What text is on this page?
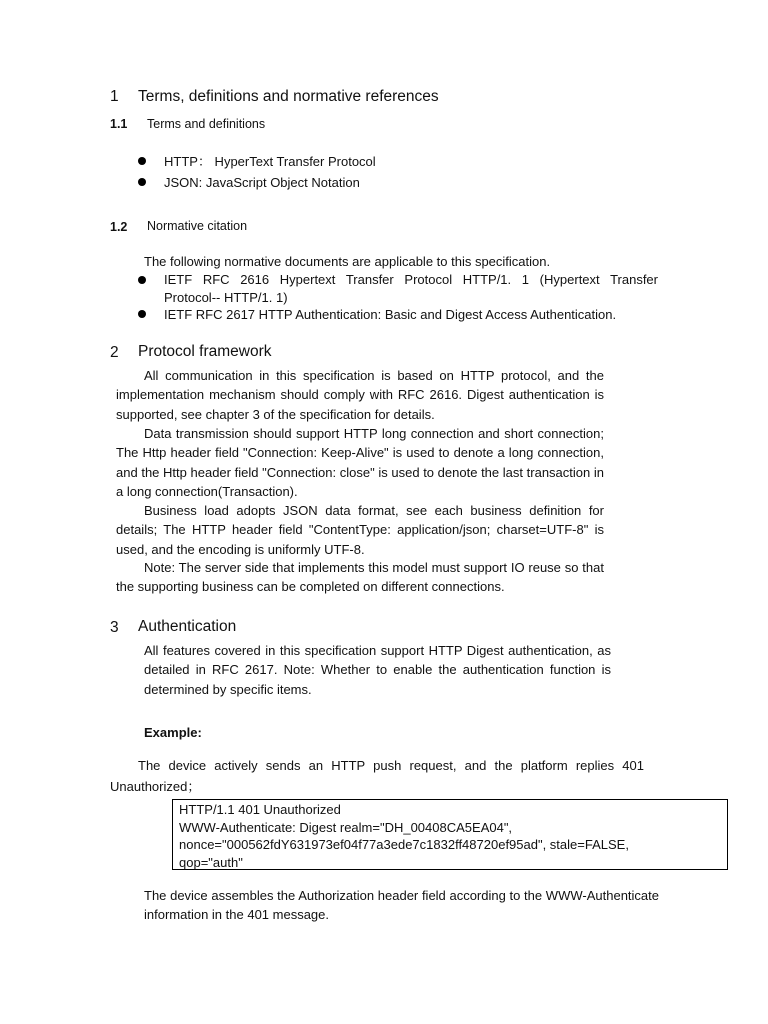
1 Terms, definitions and normative references
1.1 Terms and definitions
HTTP： HyperText Transfer Protocol
JSON: JavaScript Object Notation
1.2 Normative citation
The following normative documents are applicable to this specification.
IETF RFC 2616 Hypertext Transfer Protocol HTTP/1. 1 (Hypertext Transfer
Protocol-- HTTP/1. 1)
IETF RFC 2617 HTTP Authentication: Basic and Digest Access Authentication.
2 Protocol framework
All communication in this specification is based on HTTP protocol, and the implementation mechanism should comply with RFC 2616. Digest authentication is supported, see chapter 3 of the specification for details.
Data transmission should support HTTP long connection and short connection; The Http header field "Connection: Keep-Alive" is used to denote a long connection, and the Http header field "Connection: close" is used to denote the last transaction in a long connection(Transaction).
Business load adopts JSON data format, see each business definition for details; The HTTP header field "ContentType: application/json; charset=UTF-8" is used, and the encoding is uniformly UTF-8.
Note: The server side that implements this model must support IO reuse so that the supporting business can be completed on different connections.
3 Authentication
All features covered in this specification support HTTP Digest authentication, as detailed in RFC 2617. Note: Whether to enable the authentication function is determined by specific items.
Example:
The device actively sends an HTTP push request, and the platform replies 401
Unauthorized；
HTTP/1.1 401 Unauthorized
WWW-Authenticate: Digest realm="DH_00408CA5EA04",
nonce="000562fdY631973ef04f77a3ede7c1832ff48720ef95ad", stale=FALSE,
qop="auth"
The device assembles the Authorization header field according to the WWW-Authenticate information in the 401 message.
